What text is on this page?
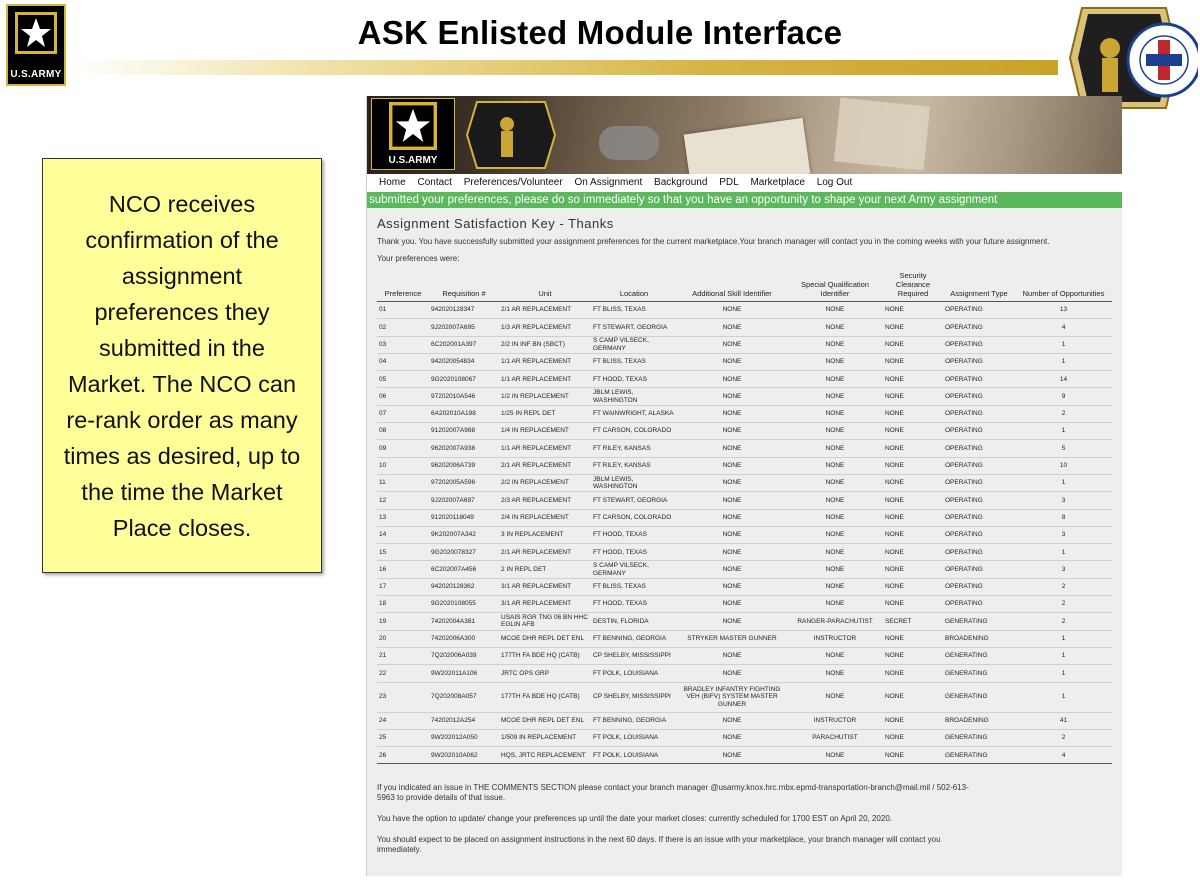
U.S.ARMY
ASK Enlisted Module Interface

NCO receives confirmation of the assignment preferences they submitted in the Market. The NCO can re-rank order as many times as desired, up to the time the Market Place closes.

U.S.ARMY
Home Contact Preferences/Volunteer On Assignment Background PDL Marketplace Log Out
submitted your preferences, please do so immediately so that you have an opportunity to shape your next Army assignment
Assignment Satisfaction Key - Thanks
Thank you. You have successfully submitted your assignment preferences for the current marketplace.Your branch manager will contact you in the coming weeks with your future assignment.
Your preferences were:
Preference	Requisition #	Unit	Location	Additional Skill Identifier	Special Qualification Identifier	Security Clearance Required	Assignment Type	Number of Opportunities
01	942020128347	2/1 AR REPLACEMENT	FT BLISS, TEXAS	NONE	NONE	NONE	OPERATING	13
02	9J202007A695	1/3 AR REPLACEMENT	FT STEWART, GEORGIA	NONE	NONE	NONE	OPERATING	4
03	6C202001A397	2/2 IN INF BN (SBCT)	S CAMP VILSECK, GERMANY	NONE	NONE	NONE	OPERATING	1
04	942020054834	1/1 AR REPLACEMENT	FT BLISS, TEXAS	NONE	NONE	NONE	OPERATING	1
05	9G2020108067	1/1 AR REPLACEMENT	FT HOOD, TEXAS	NONE	NONE	NONE	OPERATING	14
06	97202010A546	1/2 IN REPLACEMENT	JBLM LEWIS, WASHINGTON	NONE	NONE	NONE	OPERATING	9
07	6A202010A198	1/25 IN REPL DET	FT WAINWRIGHT, ALASKA	NONE	NONE	NONE	OPERATING	2
08	91202007A988	1/4 IN REPLACEMENT	FT CARSON, COLORADO	NONE	NONE	NONE	OPERATING	1
09	96202007A938	1/1 AR REPLACEMENT	FT RILEY, KANSAS	NONE	NONE	NONE	OPERATING	5
10	96202006A739	2/1 AR REPLACEMENT	FT RILEY, KANSAS	NONE	NONE	NONE	OPERATING	10
11	97202005A596	2/2 IN REPLACEMENT	JBLM LEWIS, WASHINGTON	NONE	NONE	NONE	OPERATING	1
12	9J202007A697	2/3 AR REPLACEMENT	FT STEWART, GEORGIA	NONE	NONE	NONE	OPERATING	3
13	912020118049	2/4 IN REPLACEMENT	FT CARSON, COLORADO	NONE	NONE	NONE	OPERATING	8
14	9K202007A342	3 IN REPLACEMENT	FT HOOD, TEXAS	NONE	NONE	NONE	OPERATING	3
15	9G2020078327	2/1 AR REPLACEMENT	FT HOOD, TEXAS	NONE	NONE	NONE	OPERATING	1
16	6C202007A456	2 IN REPL DET	S CAMP VILSECK, GERMANY	NONE	NONE	NONE	OPERATING	3
17	942020128362	3/1 AR REPLACEMENT	FT BLISS, TEXAS	NONE	NONE	NONE	OPERATING	2
18	9G2020108055	3/1 AR REPLACEMENT	FT HOOD, TEXAS	NONE	NONE	NONE	OPERATING	2
19	74202004A381	USAIS RGR TNG 06 BN HHC EGLIN AFB	DESTIN, FLORIDA	NONE	RANGER-PARACHUTIST	SECRET	GENERATING	2
20	74202006A300	MCOE DHR REPL DET ENL	FT BENNING, GEORGIA	STRYKER MASTER GUNNER	INSTRUCTOR	NONE	BROADENING	1
21	7Q202006A039	177TH FA BDE HQ (CATB)	CP SHELBY, MISSISSIPPI	NONE	NONE	NONE	GENERATING	1
22	9W202011A106	JRTC OPS GRP	FT POLK, LOUISIANA	NONE	NONE	NONE	GENERATING	1
23	7Q202008A057	177TH FA BDE HQ (CATB)	CP SHELBY, MISSISSIPPI	BRADLEY INFANTRY FIGHTING VEH (BIFV) SYSTEM MASTER GUNNER	NONE	NONE	GENERATING	1
24	74202012A254	MCOE DHR REPL DET ENL	FT BENNING, GEORGIA	NONE	INSTRUCTOR	NONE	BROADENING	41
25	9W202012A050	1/509 IN REPLACEMENT	FT POLK, LOUISIANA	NONE	PARACHUTIST	NONE	GENERATING	2
26	9W202010A062	HQS, JRTC REPLACEMENT	FT POLK, LOUISIANA	NONE	NONE	NONE	GENERATING	4

If you indicated an issue in THE COMMENTS SECTION please contact your branch manager @usarmy.knox.hrc.mbx.epmd-transportation-branch@mail.mil / 502-613-5963 to provide details of that issue.

You have the option to update/ change your preferences up until the date your market closes: currently scheduled for 1700 EST on April 20, 2020.

You should expect to be placed on assignment instructions in the next 60 days. If there is an issue with your marketplace, your branch manager will contact you immediately.
